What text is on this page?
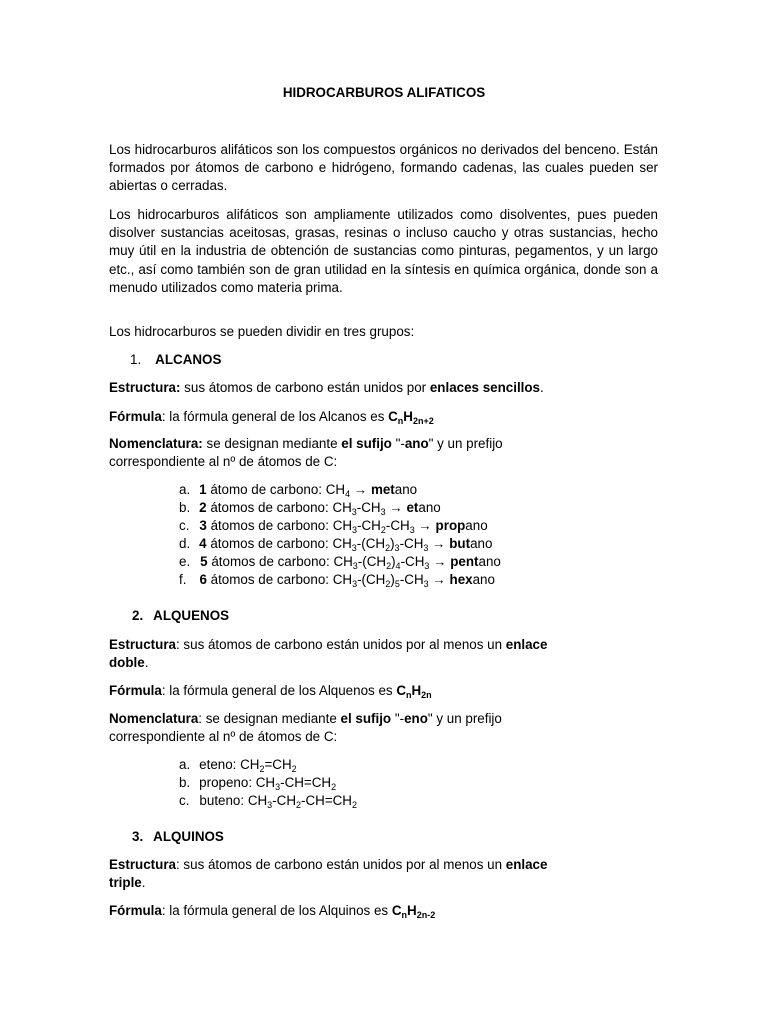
HIDROCARBUROS ALIFATICOS
Los hidrocarburos alifáticos son los compuestos orgánicos no derivados del benceno. Están formados por átomos de carbono e hidrógeno, formando cadenas, las cuales pueden ser abiertas o cerradas.
Los hidrocarburos alifáticos son ampliamente utilizados como disolventes, pues pueden disolver sustancias aceitosas, grasas, resinas o incluso caucho y otras sustancias, hecho muy útil en la industria de obtención de sustancias como pinturas, pegamentos, y un largo etc., así como también son de gran utilidad en la síntesis en química orgánica, donde son a menudo utilizados como materia prima.
Los hidrocarburos se pueden dividir en tres grupos:
1. ALCANOS
Estructura: sus átomos de carbono están unidos por enlaces sencillos.
Fórmula: la fórmula general de los Alcanos es $C_nH_{2n+2}$
Nomenclatura: se designan mediante el sufijo "-ano" y un prefijo
correspondiente al nº de átomos de C:
a. 1 átomo de carbono: $CH_4 \to metano$
b. 2 átomos de carbono: $CH_3-CH_3 \to etano$
c. 3 átomos de carbono: $CH_3-CH_2-CH_3$ → propano
d. 4 átomos de carbono: $CH_3-(CH_2)_3-CH_3 \to butano$
e. 5 átomos de carbono: $CH_3-(CH_2)_4-CH_3 \to pentano$
f. 6 átomos de carbono: $CH_3-(CH_2)_5-CH_3$ → hexano
2. ALQUENOS
Estructura: sus átomos de carbono están unidos por al menos un enlace
doble.
Fórmula: la fórmula general de los Alquenos es $C_nH_{2n}$
Nomenclatura: se designan mediante el sufijo "-eno" y un prefijo
correspondiente al nº de átomos de C:
a. eteno: $CH_2=CH_2$
b. propeno: $CH_3-CH=CH_2$
c. buteno: $CH_3-CH_2-CH=CH_2$
3. ALQUINOS
Estructura: sus átomos de carbono están unidos por al menos un enlace
triple.
Fórmula: la fórmula general de los Alquinos es $C_nH_{2n-2}$
